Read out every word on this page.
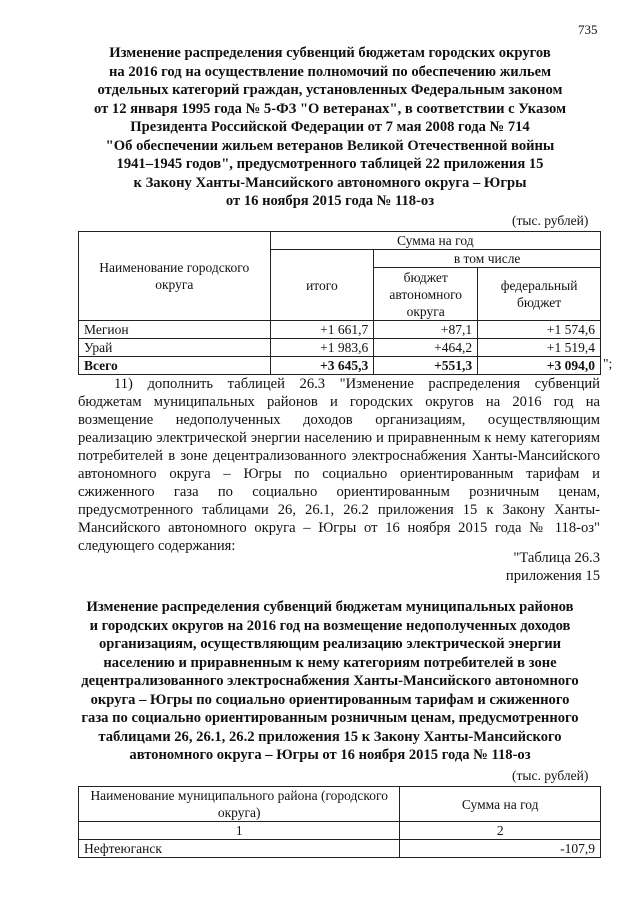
735
Изменение распределения субвенций бюджетам городских округов
на 2016 год на осуществление полномочий по обеспечению жильем
отдельных категорий граждан, установленных Федеральным законом
от 12 января 1995 года № 5-ФЗ "О ветеранах", в соответствии с Указом
Президента Российской Федерации от 7 мая 2008 года № 714
"Об обеспечении жильем ветеранов Великой Отечественной войны
1941–1945 годов", предусмотренного таблицей 22 приложения 15
к Закону Ханты-Мансийского автономного округа – Югры
от 16 ноября 2015 года № 118-оз
(тыс. рублей)
Наименование городского округа	Сумма на год		
	итого	в том числе	
		бюджет автономного округа	федеральный бюджет
Мегион	+1 661,7	+87,1	+1 574,6
Урай	+1 983,6	+464,2	+1 519,4
Всего	+3 645,3	+551,3	+3 094,0 ";
11) дополнить таблицей 26.3 "Изменение распределения субвенций
бюджетам муниципальных районов и городских округов на 2016 год на
возмещение недополученных доходов организациям, осуществляющим
реализацию электрической энергии населению и приравненным к нему категориям
потребителей в зоне децентрализованного электроснабжения Ханты-Мансийского
автономного округа – Югры по социально ориентированным тарифам и
сжиженного газа по социально ориентированным розничным ценам,
предусмотренного таблицами 26, 26.1, 26.2 приложения 15 к Закону Ханты-
Мансийского автономного округа – Югры от 16 ноября 2015 года № 118-оз"
следующего содержания:
"Таблица 26.3
приложения 15
Изменение распределения субвенций бюджетам муниципальных районов
и городских округов на 2016 год на возмещение недополученных доходов
организациям, осуществляющим реализацию электрической энергии
населению и приравненным к нему категориям потребителей в зоне
децентрализованного электроснабжения Ханты-Мансийского автономного
округа – Югры по социально ориентированным тарифам и сжиженного
газа по социально ориентированным розничным ценам, предусмотренного
таблицами 26, 26.1, 26.2 приложения 15 к Закону Ханты-Мансийского
автономного округа – Югры от 16 ноября 2015 года № 118-оз
(тыс. рублей)
Наименование муниципального района (городского округа)	Сумма на год
1	2
Нефтеюганск	-107,9
